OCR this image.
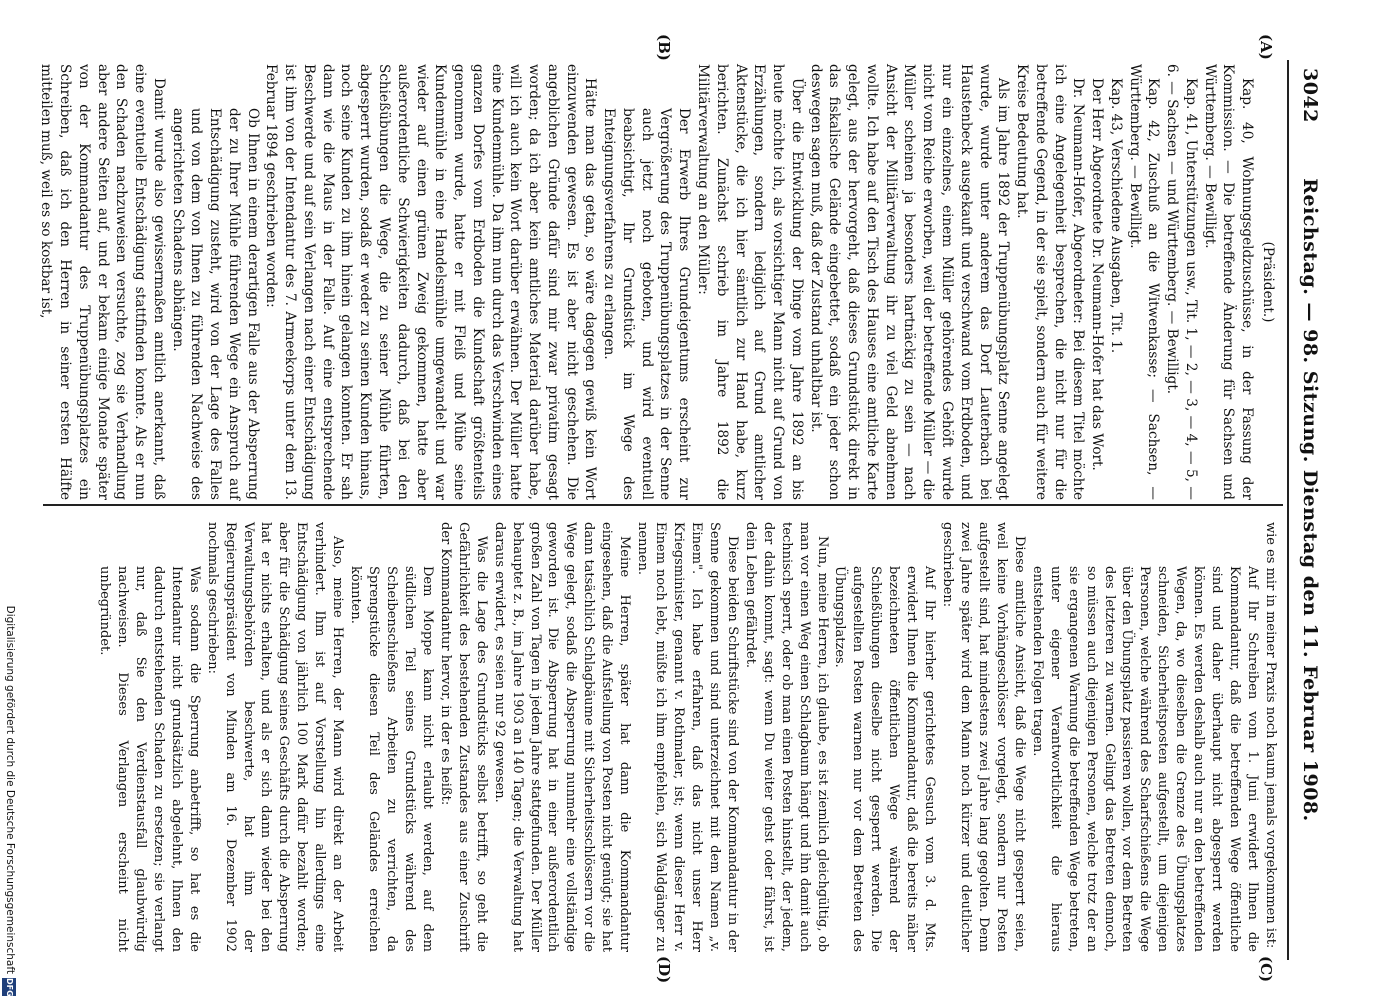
3042
Reichstag. — 98. Sitzung. Dienstag den 11. Februar 1908.
(A)
(B)
(C)
(D)

(Präsident.)

Kap. 40, Wohnungsgeldzuschüsse, in der Fassung der Kommission. — Die betreffende Änderung für Sachsen und Württemberg. — Bewilligt.

Kap. 41, Unterstützungen usw., Tit. 1, — 2, — 3, — 4, — 5, — 6. — Sachsen — und Württemberg. — Bewilligt.

Kap. 42, Zuschuß an die Witwenkasse; — Sachsen, — Württemberg. — Bewilligt.

Kap. 43, Verschiedene Ausgaben, Tit. 1.

Der Herr Abgeordnete Dr. Neumann-Hofer hat das Wort.

Dr. Neumann-Hofer, Abgeordneter: Bei diesem Titel möchte ich eine Angelegenheit besprechen, die nicht nur für die betreffende Gegend, in der sie spielt, sondern auch für weitere Kreise Bedeutung hat.

Als im Jahre 1892 der Truppenübungsplatz Senne angelegt wurde, wurde unter anderem das Dorf Lauterbach bei Haustenbeck ausgekauft und verschwand vom Erdboden, und nur ein einzelnes, einem Müller gehörendes Gehöft wurde nicht vom Reiche erworben, weil der betreffende Müller — die Müller scheinen ja besonders hartnäckig zu sein — nach Ansicht der Militärverwaltung ihr zu viel Geld abnehmen wollte. Ich habe auf den Tisch des Hauses eine amtliche Karte gelegt, aus der hervorgeht, daß dieses Grundstück direkt in das fiskalische Gelände eingebettet, sodaß ein jeder schon deswegen sagen muß, daß der Zustand unhaltbar ist.

Über die Entwicklung der Dinge vom Jahre 1892 an bis heute möchte ich, als vorsichtiger Mann nicht auf Grund von Erzählungen, sondern lediglich auf Grund amtlicher Aktenstücke, die ich hier sämtlich zur Hand habe, kurz berichten. Zunächst schrieb im Jahre 1892 die Militärverwaltung an den Müller:

Der Erwerb Ihres Grundeigentums erscheint zur Vergrößerung des Truppenübungsplatzes in der Senne auch jetzt noch geboten, und wird eventuell beabsichtigt, Ihr Grundstück im Wege des Enteignungsverfahrens zu erlangen.

Hätte man das getan, so wäre dagegen gewiß kein Wort einzuwenden gewesen. Es ist aber nicht geschehen. Die angeblichen Gründe dafür sind mir zwar privatim gesagt worden; da ich aber kein amtliches Material darüber habe, will ich auch kein Wort darüber erwähnen. Der Müller hatte eine Kundenmühle. Da ihm nun durch das Verschwinden eines ganzen Dorfes vom Erdboden die Kundschaft größtenteils genommen wurde, hatte er mit Fleiß und Mühe seine Kundenmühle in eine Handelsmühle umgewandelt und war wieder auf einen grünen Zweig gekommen, hatte aber außerordentliche Schwierigkeiten dadurch, daß bei den Schießübungen die Wege, die zu seiner Mühle führten, abgesperrt wurden, sodaß er weder zu seinen Kunden hinaus, noch seine Kunden zu ihm hinein gelangen konnten. Er sah dann wie die Maus in der Falle. Auf eine entsprechende Beschwerde und auf sein Verlangen nach einer Entschädigung ist ihm von der Intendantur des 7. Armeekorps unter dem 13. Februar 1894 geschrieben worden:

Ob Ihnen in einem derartigen Falle aus der Absperrung der zu Ihrer Mühle führenden Wege ein Anspruch auf Entschädigung zusteht, wird von der Lage des Falles und von dem von Ihnen zu führenden Nachweise des angerichteten Schadens abhängen.

Damit wurde also gewissermaßen amtlich anerkannt, daß eine eventuelle Entschädigung stattfinden konnte. Als er nun den Schaden nachzuweisen versuchte, zog sie Verhandlung aber andere Seiten auf, und er bekam einige Monate später von der Kommandantur des Truppenübungsplatzes ein Schreiben, daß ich den Herren in seiner ersten Hälfte mitteilen muß, weil es so kostbar ist,

wie es mir in meiner Praxis noch kaum jemals vorgekommen ist:

Auf Ihr Schreiben vom 1. Juni erwidert Ihnen die Kommandantur, daß die betreffenden Wege öffentliche sind und daher überhaupt nicht abgesperrt werden können. Es werden deshalb auch nur an den betreffenden Wegen, da, wo dieselben die Grenze des Übungsplatzes schneiden, Sicherheitsposten aufgestellt, um diejenigen Personen, welche während des Scharfschießens die Wege über den Übungsplatz passieren wollen, vor dem Betreten des letzteren zu warnen. Gelingt das Betreten dennoch, so müssen auch diejenigen Personen, welche trotz der an sie ergangenen Warnung die betreffenden Wege betreten, unter eigener Verantwortlichkeit die hieraus entstehenden Folgen tragen.

Diese amtliche Ansicht, daß die Wege nicht gesperrt seien, weil keine Vorhängeschlösser vorgelegt, sondern nur Posten aufgestellt sind, hat mindestens zwei Jahre lang gegolten. Denn zwei Jahre später wird dem Mann noch kürzer und deutlicher geschrieben:

Auf Ihr hierher gerichtetes Gesuch vom 3. d. Mts. erwidert Ihnen die Kommandantur, daß die bereits näher bezeichneten öffentlichen Wege während der Schießübungen dieselbe nicht gesperrt werden. Die aufgestellten Posten warnen nur vor dem Betreten des Übungsplatzes.

Nun, meine Herren, ich glaube, es ist ziemlich gleichgültig, ob man vor einen Weg einen Schlagbaum hängt und ihn damit auch technisch sperrt, oder ob man einen Posten hinstellt, der jedem, der dahin kommt, sagt: wenn Du weiter gehst oder fährst, ist dein Leben gefährdet.

Diese beiden Schriftstücke sind von der Kommandantur in der Senne gekommen und sind unterzeichnet mit dem Namen „v. Einem". Ich habe erfahren, daß das nicht unser Herr Kriegsminister, genannt v. Rothmaler, ist; wenn dieser Herr v. Einem noch lebt, müßte ich ihm empfehlen, sich Waldgänger zu nennen.

Meine Herren, später hat dann die Kommandantur eingesehen, daß die Aufstellung von Posten nicht genügt; sie hat dann tatsächlich Schlagbäume mit Sicherheitsschlössern vor die Wege gelegt, sodaß die Absperrung nunmehr eine vollständige geworden ist. Die Absperrung hat in einer außerordentlich großen Zahl von Tagen in jedem Jahre stattgefunden. Der Müller behauptet z. B., im Jahre 1903 an 140 Tagen; die Verwaltung hat daraus erwidert, es seien nur 92 gewesen.

Was die Lage des Grundstücks selbst betrifft, so geht die Gefährlichkeit des bestehenden Zustandes aus einer Zuschrift der Kommandantur hervor, in der es heißt:

Dem Moppe kann nicht erlaubt werden, auf dem südlichen Teil seines Grundstücks während des Scheibenschießens Arbeiten zu verrichten, da Sprengstücke diesen Teil des Geländes erreichen könnten.

Also, meine Herren, der Mann wird direkt an der Arbeit verhindert. Ihm ist auf Vorstellung hin allerdings eine Entschädigung von jährlich 100 Mark dafür bezahlt worden; aber für die Schädigung seines Geschäfts durch die Absperrung hat er nichts erhalten, und als er sich dann wieder bei den Verwaltungsbehörden beschwerte, hat ihm der Regierungspräsident von Minden am 16. Dezember 1902 nochmals geschrieben:

Was sodann die Sperrung anbetrifft, so hat es die Intendantur nicht grundsätzlich abgelehnt, Ihnen den dadurch entstehenden Schaden zu ersetzen; sie verlangt nur, daß Sie den Verdienstausfall glaubwürdig nachweisen. Dieses Verlangen erscheint nicht unbegründet.

Digitalisierung gefördert durch die Deutsche Forschungsgemeinschaft
DFG
